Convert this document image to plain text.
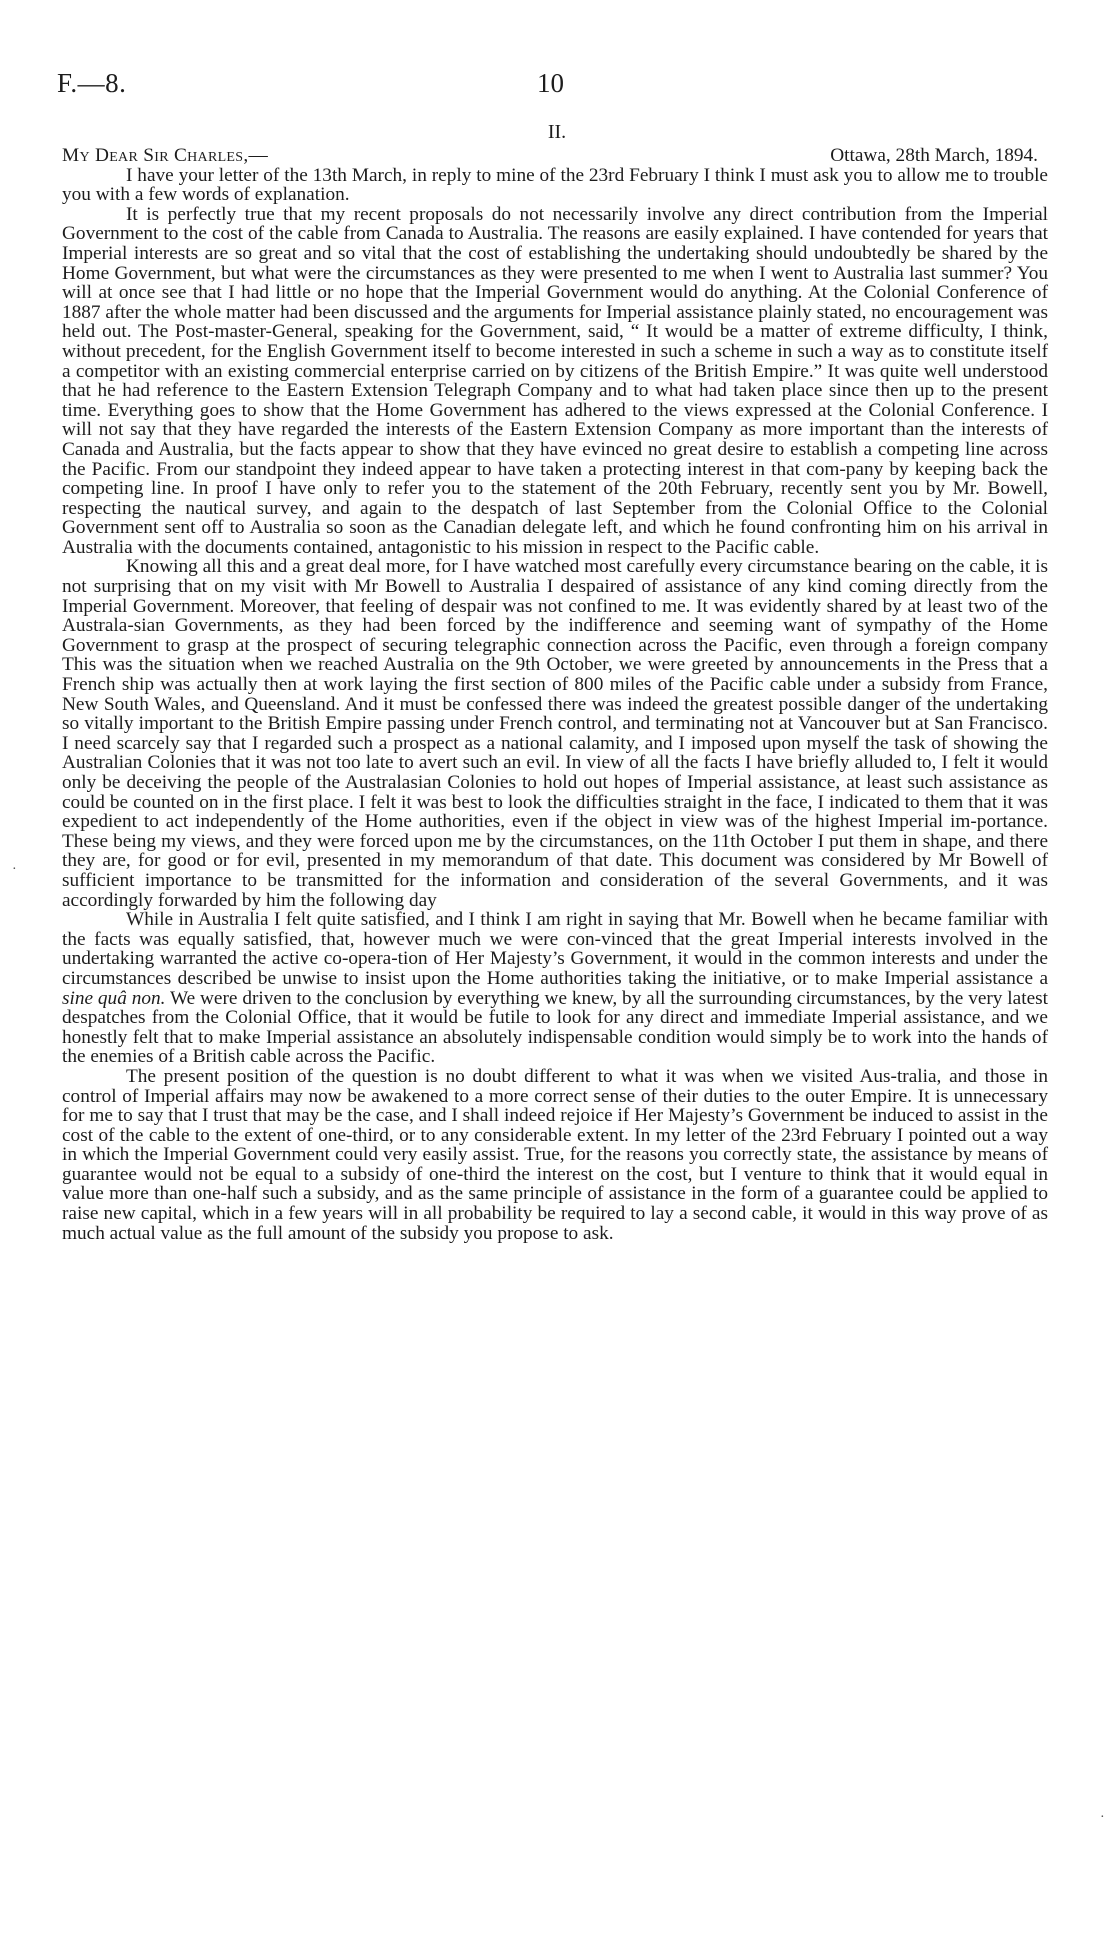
F.—8.	10
II.
My Dear Sir Charles,—	Ottawa, 28th March, 1894.

I have your letter of the 13th March, in reply to mine of the 23rd February I think I must ask you to allow me to trouble you with a few words of explanation.

It is perfectly true that my recent proposals do not necessarily involve any direct contribution from the Imperial Government to the cost of the cable from Canada to Australia. The reasons are easily explained. I have contended for years that Imperial interests are so great and so vital that the cost of establishing the undertaking should undoubtedly be shared by the Home Government, but what were the circumstances as they were presented to me when I went to Australia last summer? You will at once see that I had little or no hope that the Imperial Government would do anything. At the Colonial Conference of 1887 after the whole matter had been discussed and the arguments for Imperial assistance plainly stated, no encouragement was held out. The Post-master-General, speaking for the Government, said, “ It would be a matter of extreme difficulty, I think, without precedent, for the English Government itself to become interested in such a scheme in such a way as to constitute itself a competitor with an existing commercial enterprise carried on by citizens of the British Empire.” It was quite well understood that he had reference to the Eastern Extension Telegraph Company and to what had taken place since then up to the present time. Everything goes to show that the Home Government has adhered to the views expressed at the Colonial Conference. I will not say that they have regarded the interests of the Eastern Extension Company as more important than the interests of Canada and Australia, but the facts appear to show that they have evinced no great desire to establish a competing line across the Pacific. From our standpoint they indeed appear to have taken a protecting interest in that com-pany by keeping back the competing line. In proof I have only to refer you to the statement of the 20th February, recently sent you by Mr. Bowell, respecting the nautical survey, and again to the despatch of last September from the Colonial Office to the Colonial Government sent off to Australia so soon as the Canadian delegate left, and which he found confronting him on his arrival in Australia with the documents contained, antagonistic to his mission in respect to the Pacific cable.

Knowing all this and a great deal more, for I have watched most carefully every circumstance bearing on the cable, it is not surprising that on my visit with Mr Bowell to Australia I despaired of assistance of any kind coming directly from the Imperial Government. Moreover, that feeling of despair was not confined to me. It was evidently shared by at least two of the Australa-sian Governments, as they had been forced by the indifference and seeming want of sympathy of the Home Government to grasp at the prospect of securing telegraphic connection across the Pacific, even through a foreign company This was the situation when we reached Australia on the 9th October, we were greeted by announcements in the Press that a French ship was actually then at work laying the first section of 800 miles of the Pacific cable under a subsidy from France, New South Wales, and Queensland. And it must be confessed there was indeed the greatest possible danger of the undertaking so vitally important to the British Empire passing under French control, and terminating not at Vancouver but at San Francisco. I need scarcely say that I regarded such a prospect as a national calamity, and I imposed upon myself the task of showing the Australian Colonies that it was not too late to avert such an evil. In view of all the facts I have briefly alluded to, I felt it would only be deceiving the people of the Australasian Colonies to hold out hopes of Imperial assistance, at least such assistance as could be counted on in the first place. I felt it was best to look the difficulties straight in the face, I indicated to them that it was expedient to act independently of the Home authorities, even if the object in view was of the highest Imperial im-portance. These being my views, and they were forced upon me by the circumstances, on the 11th October I put them in shape, and there they are, for good or for evil, presented in my memorandum of that date. This document was considered by Mr Bowell of sufficient importance to be transmitted for the information and consideration of the several Governments, and it was accordingly forwarded by him the following day

While in Australia I felt quite satisfied, and I think I am right in saying that Mr. Bowell when he became familiar with the facts was equally satisfied, that, however much we were con-vinced that the great Imperial interests involved in the undertaking warranted the active co-opera-tion of Her Majesty’s Government, it would in the common interests and under the circumstances described be unwise to insist upon the Home authorities taking the initiative, or to make Imperial assistance a sine quâ non. We were driven to the conclusion by everything we knew, by all the surrounding circumstances, by the very latest despatches from the Colonial Office, that it would be futile to look for any direct and immediate Imperial assistance, and we honestly felt that to make Imperial assistance an absolutely indispensable condition would simply be to work into the hands of the enemies of a British cable across the Pacific.

The present position of the question is no doubt different to what it was when we visited Aus-tralia, and those in control of Imperial affairs may now be awakened to a more correct sense of their duties to the outer Empire. It is unnecessary for me to say that I trust that may be the case, and I shall indeed rejoice if Her Majesty’s Government be induced to assist in the cost of the cable to the extent of one-third, or to any considerable extent. In my letter of the 23rd February I pointed out a way in which the Imperial Government could very easily assist. True, for the reasons you correctly state, the assistance by means of guarantee would not be equal to a subsidy of one-third the interest on the cost, but I venture to think that it would equal in value more than one-half such a subsidy, and as the same principle of assistance in the form of a guarantee could be applied to raise new capital, which in a few years will in all probability be required to lay a second cable, it would in this way prove of as much actual value as the full amount of the subsidy you propose to ask.

·
·
